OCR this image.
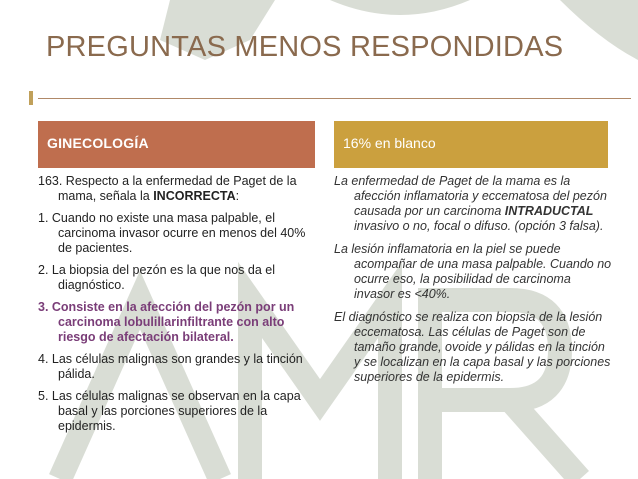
PREGUNTAS MENOS RESPONDIDAS
GINECOLOGÍA	16% en blanco

163. Respecto a la enfermedad de Paget de la mama, señala la INCORRECTA:

1. Cuando no existe una masa palpable, el carcinoma invasor ocurre en menos del 40% de pacientes.

2. La biopsia del pezón es la que nos da el diagnóstico.

3. Consiste en la afección del pezón por un carcinoma lobulillarinfiltrante con alto riesgo de afectación bilateral.

4. Las células malignas son grandes y la tinción pálida.

5. Las células malignas se observan en la capa basal y las porciones superiores de la epidermis.

La enfermedad de Paget de la mama es la afección inflamatoria y eccematosa del pezón causada por un carcinoma INTRADUCTAL invasivo o no, focal o difuso. (opción 3 falsa).

La lesión inflamatoria en la piel se puede acompañar de una masa palpable. Cuando no ocurre eso, la posibilidad de carcinoma invasor es <40%.

El diagnóstico se realiza con biopsia de la lesión eccematosa. Las células de Paget son de tamaño grande, ovoide y pálidas en la tinción y se localizan en la capa basal y las porciones superiores de la epidermis.
